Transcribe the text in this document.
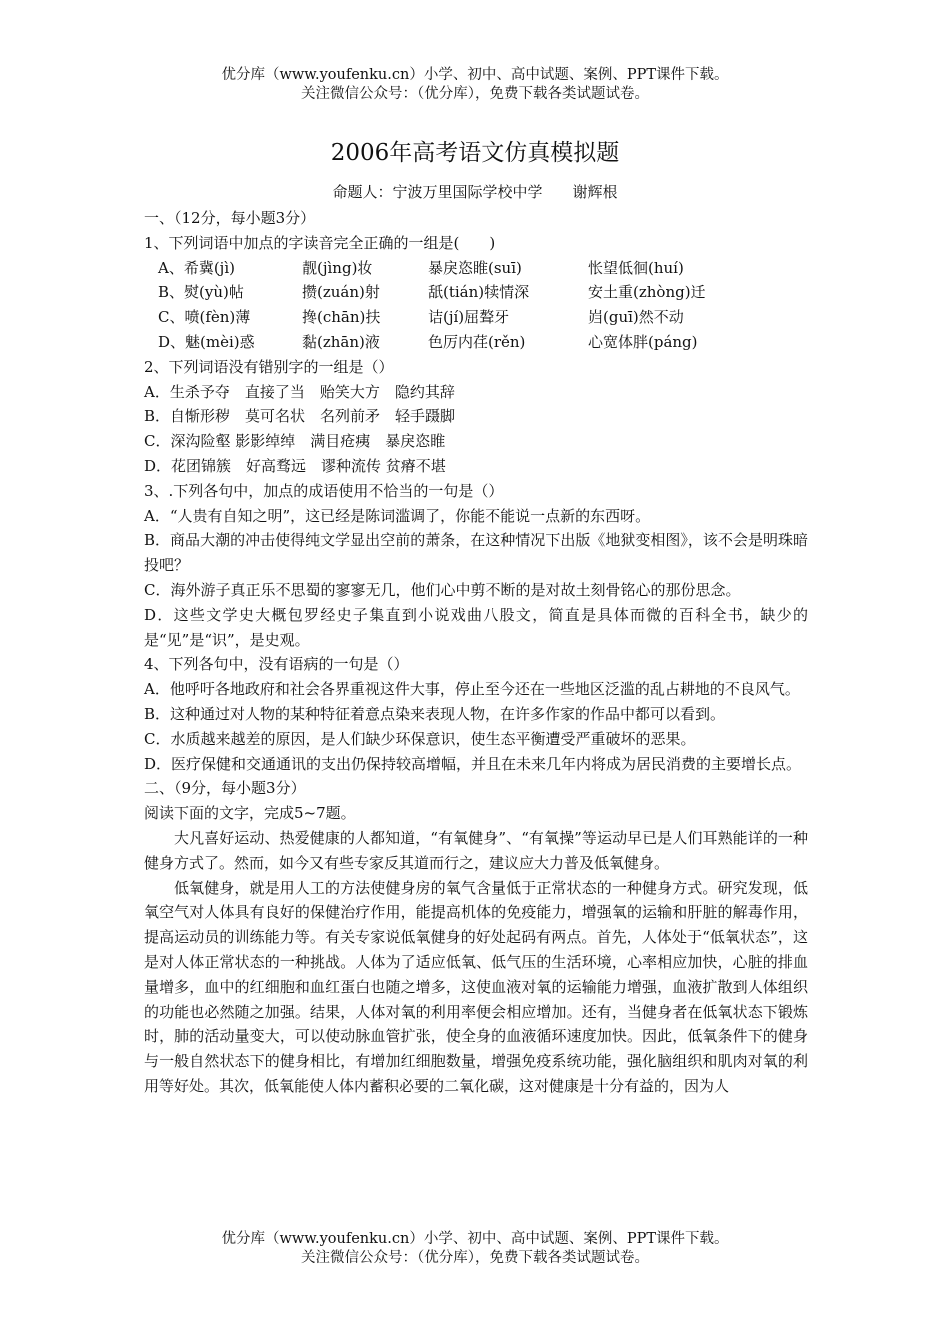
优分库（www.youfenku.cn）小学、初中、高中试题、案例、PPT课件下载。
关注微信公众号：（优分库），免费下载各类试题试卷。
2006年高考语文仿真模拟题
命题人：宁波万里国际学校中学　　谢辉根
一、（12分，每小题3分）
1、下列词语中加点的字读音完全正确的一组是(　　)
A、希冀(jì)	靓(jìng)妆	暴戾恣睢(suī)	怅望低徊(huí)
B、熨(yù)帖	攒(zuán)射	舐(tián)犊情深	安土重(zhòng)迁
C、喷(fèn)薄	搀(chān)扶	诘(jí)屈聱牙	岿(guī)然不动
D、魅(mèi)惑	黏(zhān)液	色厉内荏(rěn)	心宽体胖(páng)
2、下列词语没有错别字的一组是（）
A．生杀予夺　直接了当　贻笑大方　隐约其辞
B．自惭形秽　莫可名状　名列前矛　轻手蹑脚
C．深沟险壑 影影绰绰　满目疮痍　暴戾恣睢
D．花团锦簇　好高骛远　谬种流传 贫瘠不堪
3、.下列各句中，加点的成语使用不恰当的一句是（）
A．“人贵有自知之明”，这已经是陈词滥调了，你能不能说一点新的东西呀。
B．商品大潮的冲击使得纯文学显出空前的萧条，在这种情况下出版《地狱变相图》，该不会是明珠暗投吧？
C．海外游子真正乐不思蜀的寥寥无几，他们心中剪不断的是对故土刻骨铭心的那份思念。
D．这些文学史大概包罗经史子集直到小说戏曲八股文，简直是具体而微的百科全书，缺少的是“见”是“识”，是史观。
4、下列各句中，没有语病的一句是（）
A．他呼吁各地政府和社会各界重视这件大事，停止至今还在一些地区泛滥的乱占耕地的不良风气。
B．这种通过对人物的某种特征着意点染来表现人物，在许多作家的作品中都可以看到。
C．水质越来越差的原因，是人们缺少环保意识，使生态平衡遭受严重破坏的恶果。
D．医疗保健和交通通讯的支出仍保持较高增幅，并且在未来几年内将成为居民消费的主要增长点。
二、（9分，每小题3分）
阅读下面的文字，完成5~7题。
大凡喜好运动、热爱健康的人都知道，“有氧健身”、“有氧操”等运动早已是人们耳熟能详的一种健身方式了。然而，如今又有些专家反其道而行之，建议应大力普及低氧健身。
低氧健身，就是用人工的方法使健身房的氧气含量低于正常状态的一种健身方式。研究发现，低氧空气对人体具有良好的保健治疗作用，能提高机体的免疫能力，增强氧的运输和肝脏的解毒作用，提高运动员的训练能力等。有关专家说低氧健身的好处起码有两点。首先，人体处于“低氧状态”，这是对人体正常状态的一种挑战。人体为了适应低氧、低气压的生活环境，心率相应加快，心脏的排血量增多，血中的红细胞和血红蛋白也随之增多，这使血液对氧的运输能力增强，血液扩散到人体组织的功能也必然随之加强。结果，人体对氧的利用率便会相应增加。还有，当健身者在低氧状态下锻炼时，肺的活动量变大，可以使动脉血管扩张，使全身的血液循环速度加快。因此，低氧条件下的健身与一般自然状态下的健身相比，有增加红细胞数量，增强免疫系统功能，强化脑组织和肌肉对氧的利用等好处。其次，低氧能使人体内蓄积必要的二氧化碳，这对健康是十分有益的，因为人
优分库（www.youfenku.cn）小学、初中、高中试题、案例、PPT课件下载。
关注微信公众号：（优分库），免费下载各类试题试卷。
